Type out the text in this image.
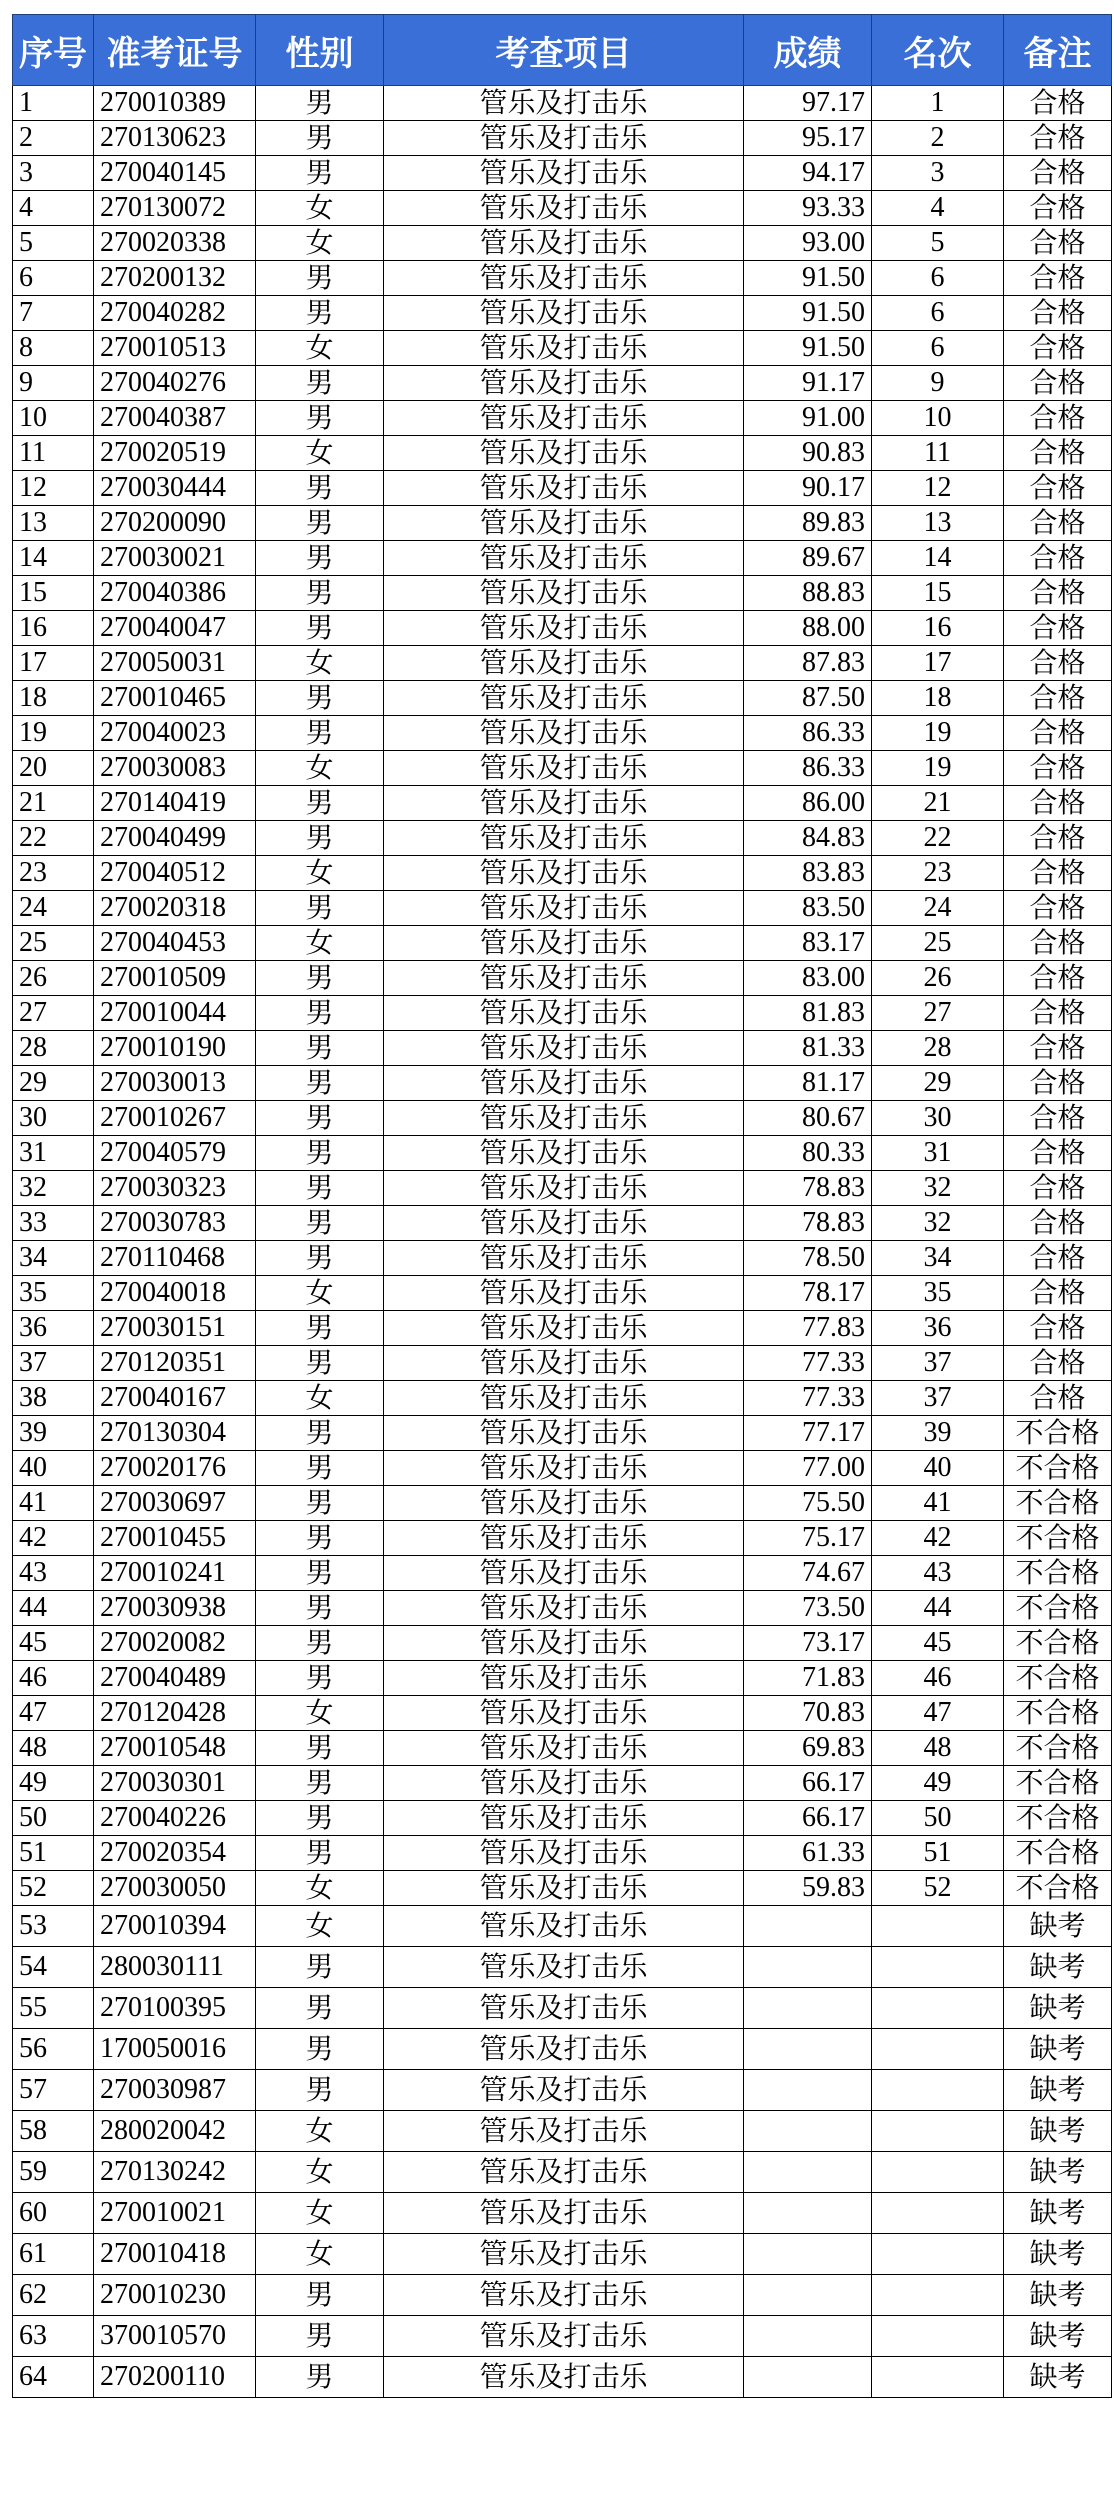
序号	准考证号	性别	考查项目	成绩	名次	备注
1	270010389	男	管乐及打击乐	97.17	1	合格
2	270130623	男	管乐及打击乐	95.17	2	合格
3	270040145	男	管乐及打击乐	94.17	3	合格
4	270130072	女	管乐及打击乐	93.33	4	合格
5	270020338	女	管乐及打击乐	93.00	5	合格
6	270200132	男	管乐及打击乐	91.50	6	合格
7	270040282	男	管乐及打击乐	91.50	6	合格
8	270010513	女	管乐及打击乐	91.50	6	合格
9	270040276	男	管乐及打击乐	91.17	9	合格
10	270040387	男	管乐及打击乐	91.00	10	合格
11	270020519	女	管乐及打击乐	90.83	11	合格
12	270030444	男	管乐及打击乐	90.17	12	合格
13	270200090	男	管乐及打击乐	89.83	13	合格
14	270030021	男	管乐及打击乐	89.67	14	合格
15	270040386	男	管乐及打击乐	88.83	15	合格
16	270040047	男	管乐及打击乐	88.00	16	合格
17	270050031	女	管乐及打击乐	87.83	17	合格
18	270010465	男	管乐及打击乐	87.50	18	合格
19	270040023	男	管乐及打击乐	86.33	19	合格
20	270030083	女	管乐及打击乐	86.33	19	合格
21	270140419	男	管乐及打击乐	86.00	21	合格
22	270040499	男	管乐及打击乐	84.83	22	合格
23	270040512	女	管乐及打击乐	83.83	23	合格
24	270020318	男	管乐及打击乐	83.50	24	合格
25	270040453	女	管乐及打击乐	83.17	25	合格
26	270010509	男	管乐及打击乐	83.00	26	合格
27	270010044	男	管乐及打击乐	81.83	27	合格
28	270010190	男	管乐及打击乐	81.33	28	合格
29	270030013	男	管乐及打击乐	81.17	29	合格
30	270010267	男	管乐及打击乐	80.67	30	合格
31	270040579	男	管乐及打击乐	80.33	31	合格
32	270030323	男	管乐及打击乐	78.83	32	合格
33	270030783	男	管乐及打击乐	78.83	32	合格
34	270110468	男	管乐及打击乐	78.50	34	合格
35	270040018	女	管乐及打击乐	78.17	35	合格
36	270030151	男	管乐及打击乐	77.83	36	合格
37	270120351	男	管乐及打击乐	77.33	37	合格
38	270040167	女	管乐及打击乐	77.33	37	合格
39	270130304	男	管乐及打击乐	77.17	39	不合格
40	270020176	男	管乐及打击乐	77.00	40	不合格
41	270030697	男	管乐及打击乐	75.50	41	不合格
42	270010455	男	管乐及打击乐	75.17	42	不合格
43	270010241	男	管乐及打击乐	74.67	43	不合格
44	270030938	男	管乐及打击乐	73.50	44	不合格
45	270020082	男	管乐及打击乐	73.17	45	不合格
46	270040489	男	管乐及打击乐	71.83	46	不合格
47	270120428	女	管乐及打击乐	70.83	47	不合格
48	270010548	男	管乐及打击乐	69.83	48	不合格
49	270030301	男	管乐及打击乐	66.17	49	不合格
50	270040226	男	管乐及打击乐	66.17	50	不合格
51	270020354	男	管乐及打击乐	61.33	51	不合格
52	270030050	女	管乐及打击乐	59.83	52	不合格
53	270010394	女	管乐及打击乐			缺考
54	280030111	男	管乐及打击乐			缺考
55	270100395	男	管乐及打击乐			缺考
56	170050016	男	管乐及打击乐			缺考
57	270030987	男	管乐及打击乐			缺考
58	280020042	女	管乐及打击乐			缺考
59	270130242	女	管乐及打击乐			缺考
60	270010021	女	管乐及打击乐			缺考
61	270010418	女	管乐及打击乐			缺考
62	270010230	男	管乐及打击乐			缺考
63	370010570	男	管乐及打击乐			缺考
64	270200110	男	管乐及打击乐			缺考
